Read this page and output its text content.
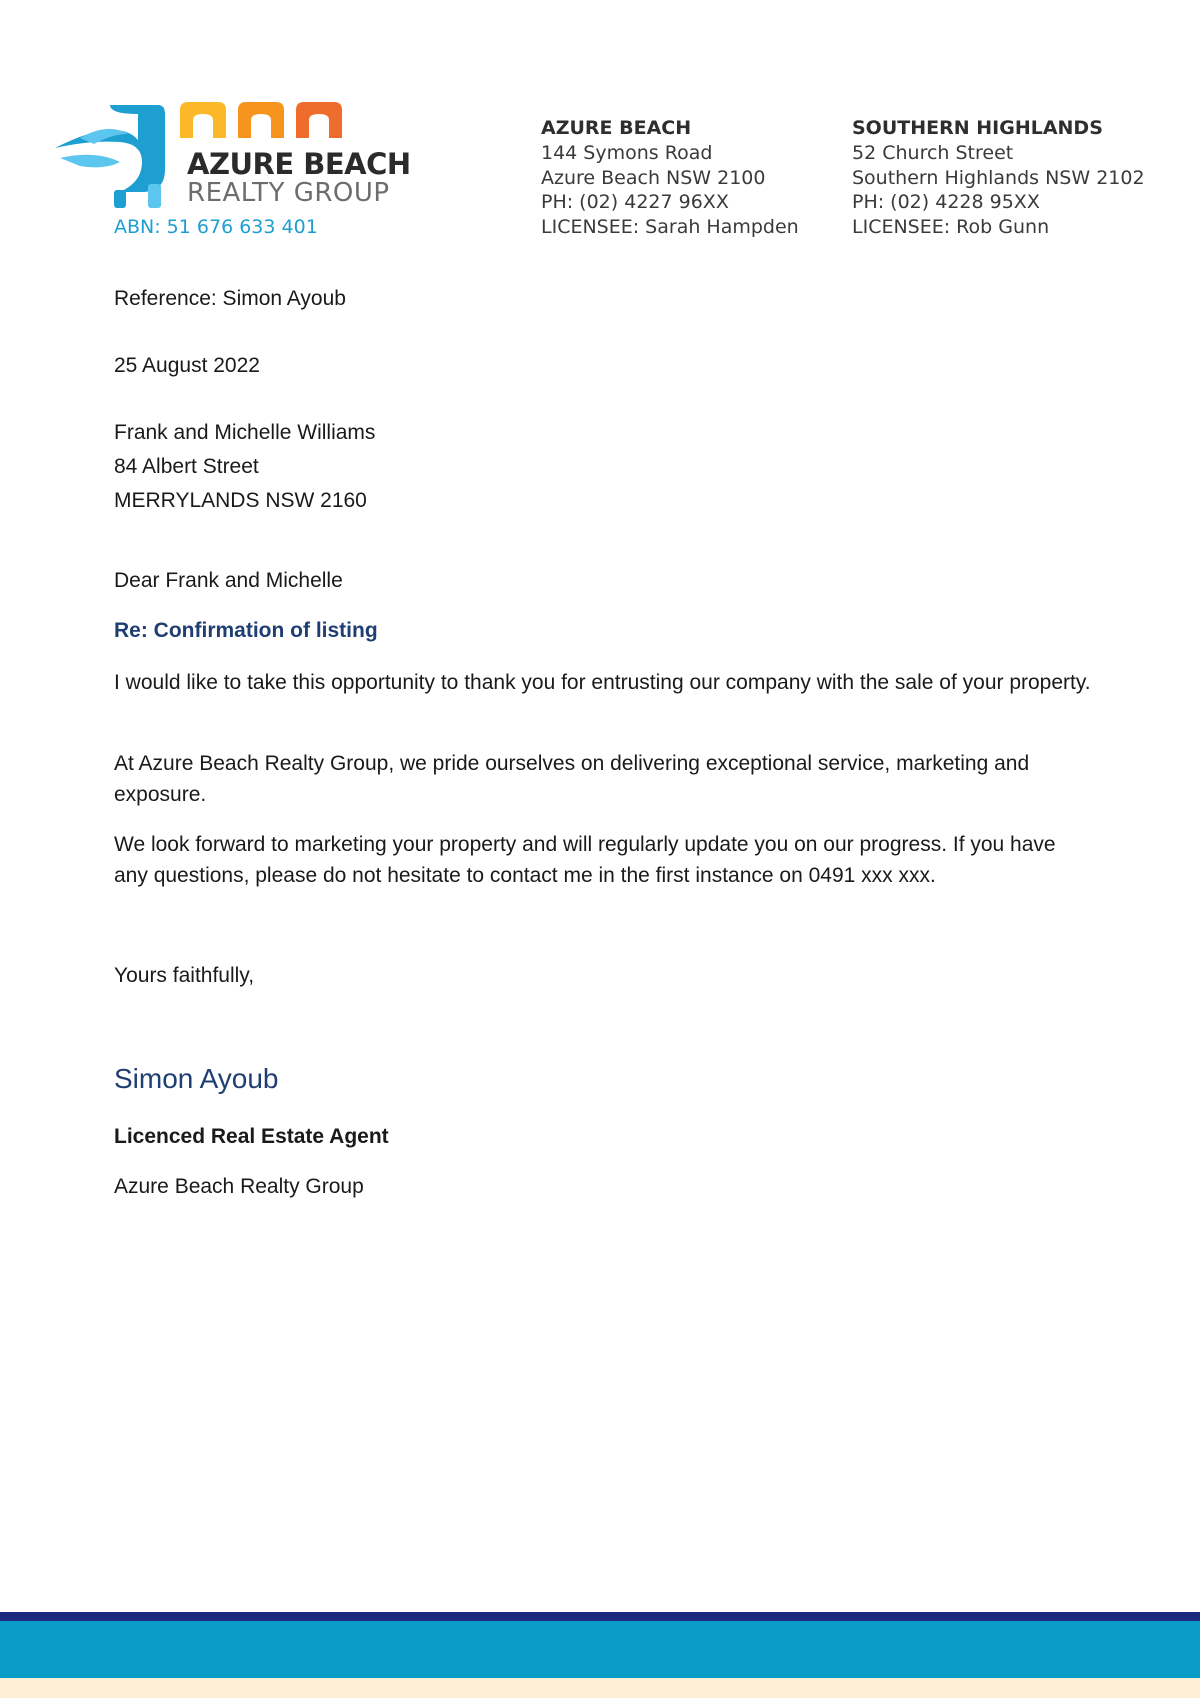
AZURE BEACH
REALTY GROUP
ABN: 51 676 633 401
AZURE BEACH
144 Symons Road
Azure Beach NSW 2100
PH: (02) 4227 96XX
LICENSEE: Sarah Hampden
SOUTHERN HIGHLANDS
52 Church Street
Southern Highlands NSW 2102
PH: (02) 4228 95XX
LICENSEE: Rob Gunn
Reference: Simon Ayoub
25 August 2022
Frank and Michelle Williams
84 Albert Street
MERRYLANDS NSW 2160
Dear Frank and Michelle
Re: Confirmation of listing
I would like to take this opportunity to thank you for entrusting our company with the sale of your property.
At Azure Beach Realty Group, we pride ourselves on delivering exceptional service, marketing and exposure.
We look forward to marketing your property and will regularly update you on our progress. If you have any questions, please do not hesitate to contact me in the first instance on 0491 xxx xxx.
Yours faithfully,
Simon Ayoub
Licenced Real Estate Agent
Azure Beach Realty Group
